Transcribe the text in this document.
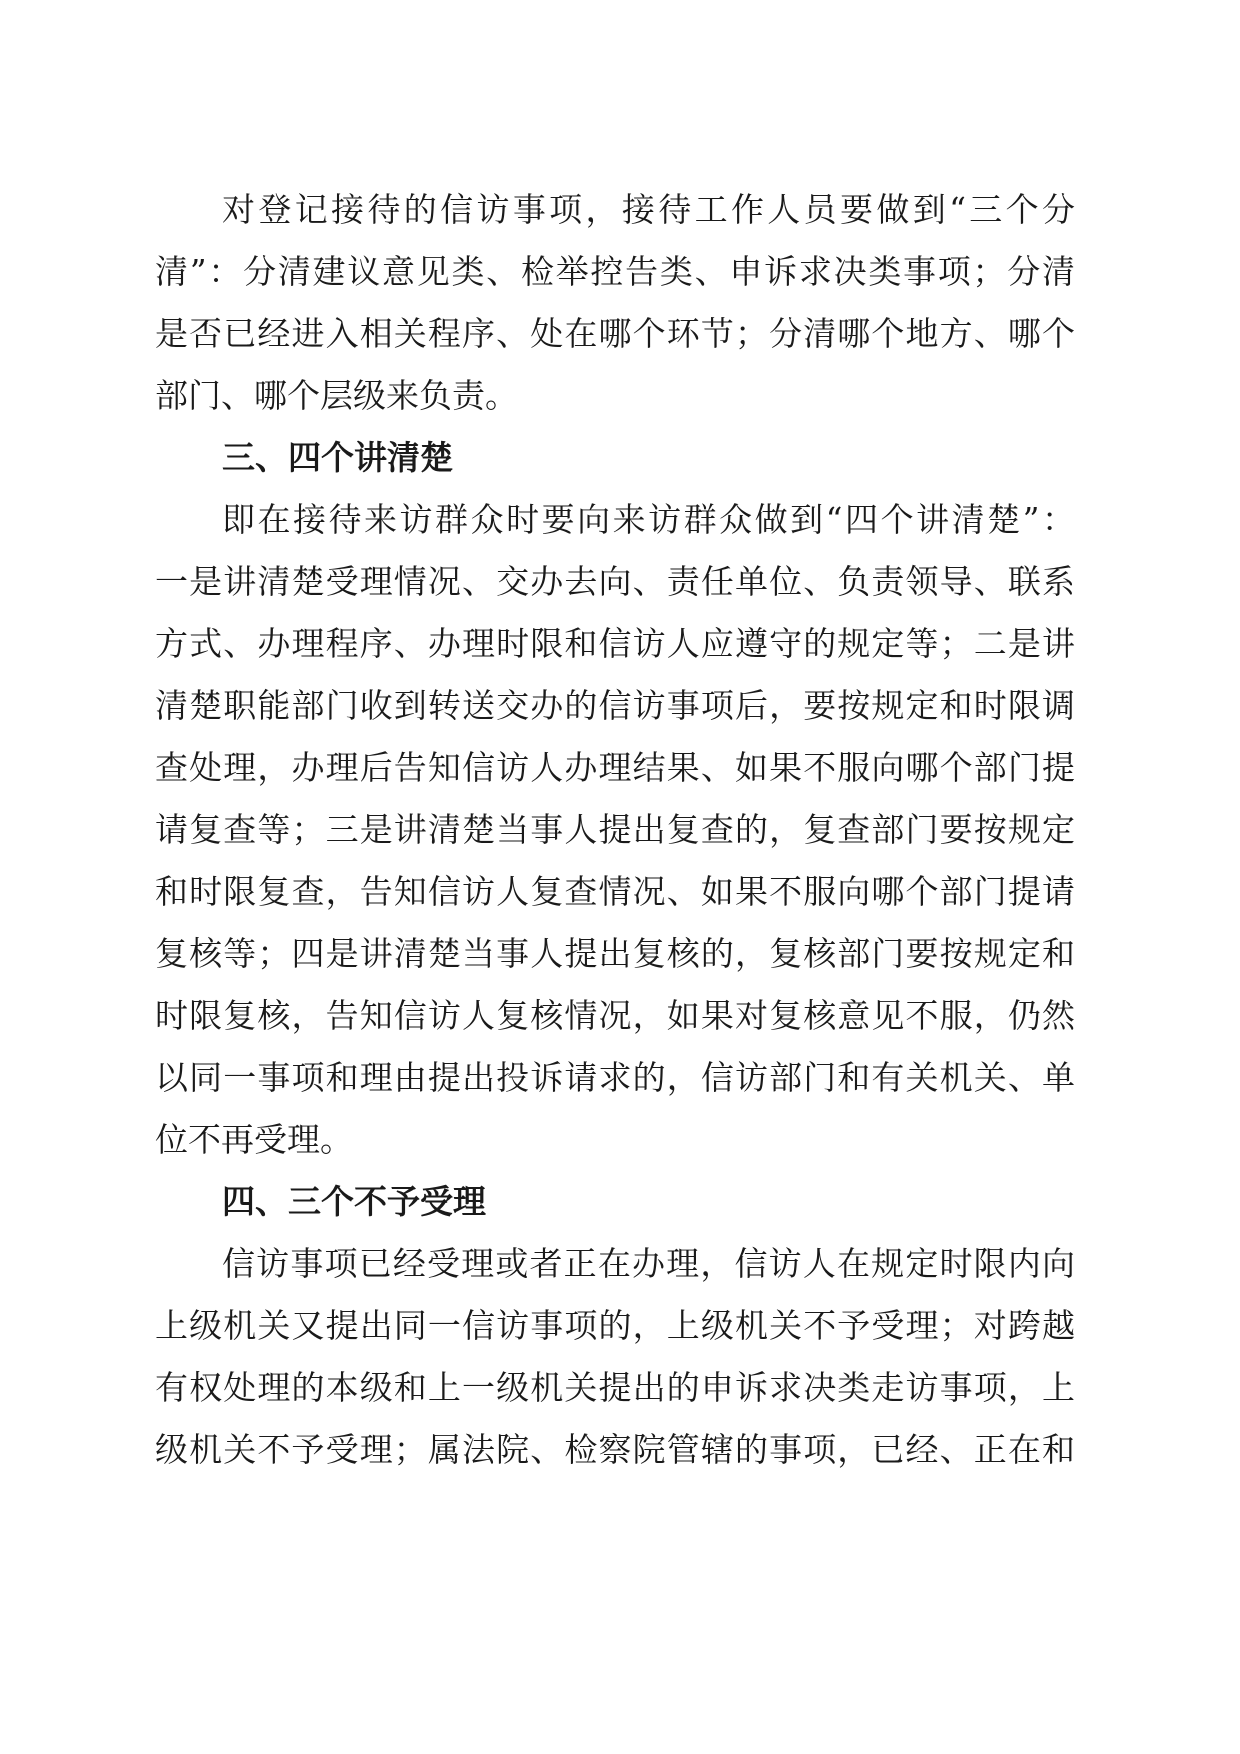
对登记接待的信访事项，接待工作人员要做到“三个分
清”：分清建议意见类、检举控告类、申诉求决类事项；分清
是否已经进入相关程序、处在哪个环节；分清哪个地方、哪个
部门、哪个层级来负责。
三、四个讲清楚
即在接待来访群众时要向来访群众做到“四个讲清楚”：
一是讲清楚受理情况、交办去向、责任单位、负责领导、联系
方式、办理程序、办理时限和信访人应遵守的规定等；二是讲
清楚职能部门收到转送交办的信访事项后，要按规定和时限调
查处理，办理后告知信访人办理结果、如果不服向哪个部门提
请复查等；三是讲清楚当事人提出复查的，复查部门要按规定
和时限复查，告知信访人复查情况、如果不服向哪个部门提请
复核等；四是讲清楚当事人提出复核的，复核部门要按规定和
时限复核，告知信访人复核情况，如果对复核意见不服，仍然
以同一事项和理由提出投诉请求的，信访部门和有关机关、单
位不再受理。
四、三个不予受理
信访事项已经受理或者正在办理，信访人在规定时限内向
上级机关又提出同一信访事项的，上级机关不予受理；对跨越
有权处理的本级和上一级机关提出的申诉求决类走访事项，上
级机关不予受理；属法院、检察院管辖的事项，已经、正在和
